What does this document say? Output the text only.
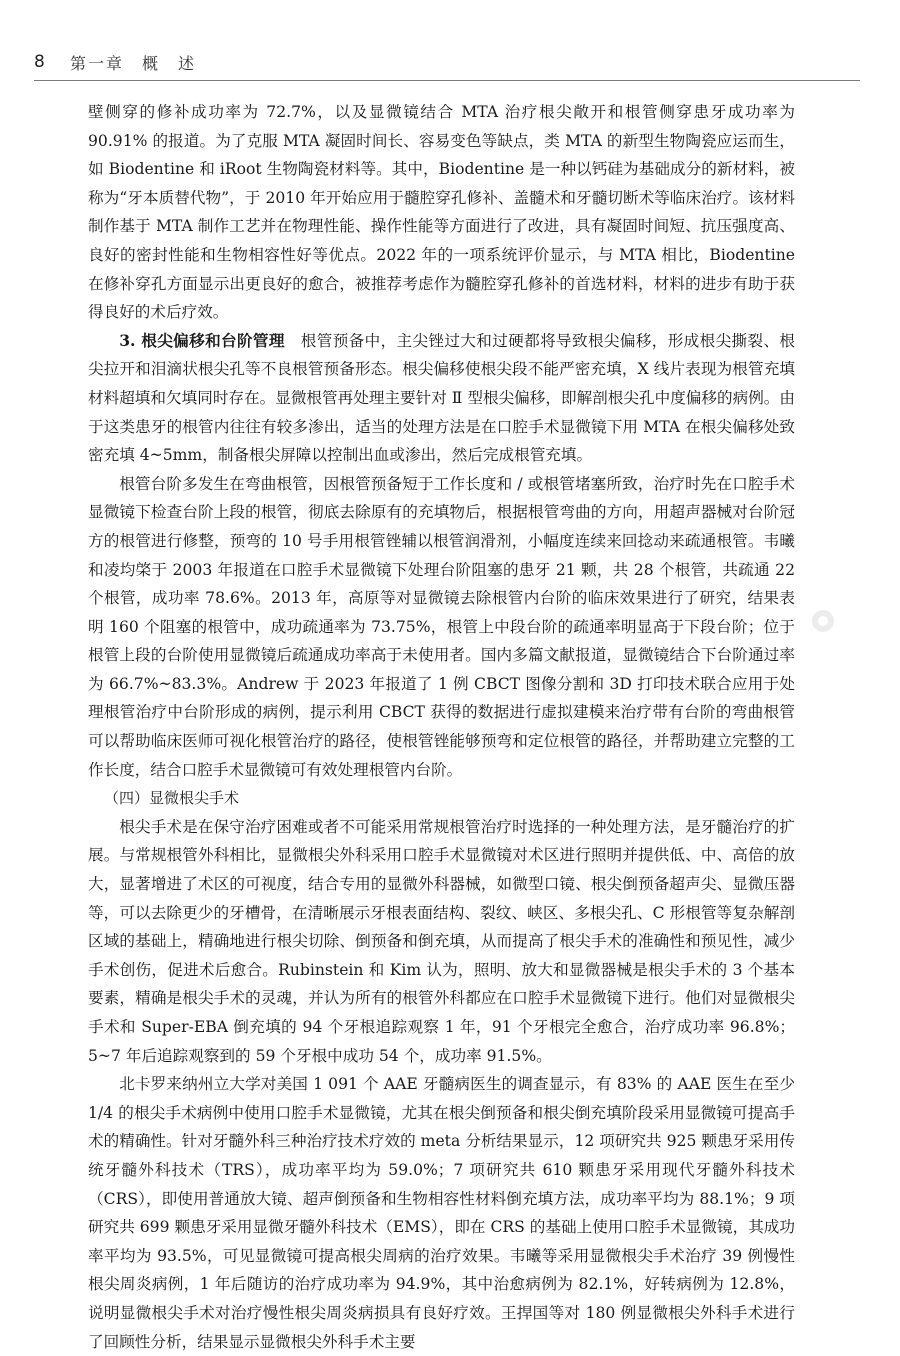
8	第一章　概　述

壁侧穿的修补成功率为 72.7%，以及显微镜结合 MTA 治疗根尖敞开和根管侧穿患牙成功率为 90.91% 的报道。为了克服 MTA 凝固时间长、容易变色等缺点，类 MTA 的新型生物陶瓷应运而生，如 Biodentine 和 iRoot 生物陶瓷材料等。其中，Biodentine 是一种以钙硅为基础成分的新材料，被称为“牙本质替代物”，于 2010 年开始应用于髓腔穿孔修补、盖髓术和牙髓切断术等临床治疗。该材料制作基于 MTA 制作工艺并在物理性能、操作性能等方面进行了改进，具有凝固时间短、抗压强度高、良好的密封性能和生物相容性好等优点。2022 年的一项系统评价显示，与 MTA 相比，Biodentine 在修补穿孔方面显示出更良好的愈合，被推荐考虑作为髓腔穿孔修补的首选材料，材料的进步有助于获得良好的术后疗效。

3. 根尖偏移和台阶管理　根管预备中，主尖锉过大和过硬都将导致根尖偏移，形成根尖撕裂、根尖拉开和泪滴状根尖孔等不良根管预备形态。根尖偏移使根尖段不能严密充填，X 线片表现为根管充填材料超填和欠填同时存在。显微根管再处理主要针对 Ⅱ 型根尖偏移，即解剖根尖孔中度偏移的病例。由于这类患牙的根管内往往有较多渗出，适当的处理方法是在口腔手术显微镜下用 MTA 在根尖偏移处致密充填 4~5mm，制备根尖屏障以控制出血或渗出，然后完成根管充填。

根管台阶多发生在弯曲根管，因根管预备短于工作长度和 / 或根管堵塞所致，治疗时先在口腔手术显微镜下检查台阶上段的根管，彻底去除原有的充填物后，根据根管弯曲的方向，用超声器械对台阶冠方的根管进行修整，预弯的 10 号手用根管锉辅以根管润滑剂，小幅度连续来回捻动来疏通根管。韦曦和凌均棨于 2003 年报道在口腔手术显微镜下处理台阶阻塞的患牙 21 颗，共 28 个根管，共疏通 22 个根管，成功率 78.6%。2013 年，高原等对显微镜去除根管内台阶的临床效果进行了研究，结果表明 160 个阻塞的根管中，成功疏通率为 73.75%，根管上中段台阶的疏通率明显高于下段台阶；位于根管上段的台阶使用显微镜后疏通成功率高于未使用者。国内多篇文献报道，显微镜结合下台阶通过率为 66.7%~83.3%。Andrew 于 2023 年报道了 1 例 CBCT 图像分割和 3D 打印技术联合应用于处理根管治疗中台阶形成的病例，提示利用 CBCT 获得的数据进行虚拟建模来治疗带有台阶的弯曲根管可以帮助临床医师可视化根管治疗的路径，使根管锉能够预弯和定位根管的路径，并帮助建立完整的工作长度，结合口腔手术显微镜可有效处理根管内台阶。

（四）显微根尖手术

根尖手术是在保守治疗困难或者不可能采用常规根管治疗时选择的一种处理方法，是牙髓治疗的扩展。与常规根管外科相比，显微根尖外科采用口腔手术显微镜对术区进行照明并提供低、中、高倍的放大，显著增进了术区的可视度，结合专用的显微外科器械，如微型口镜、根尖倒预备超声尖、显微压器等，可以去除更少的牙槽骨，在清晰展示牙根表面结构、裂纹、峡区、多根尖孔、C 形根管等复杂解剖区域的基础上，精确地进行根尖切除、倒预备和倒充填，从而提高了根尖手术的准确性和预见性，减少手术创伤，促进术后愈合。Rubinstein 和 Kim 认为，照明、放大和显微器械是根尖手术的 3 个基本要素，精确是根尖手术的灵魂，并认为所有的根管外科都应在口腔手术显微镜下进行。他们对显微根尖手术和 Super-EBA 倒充填的 94 个牙根追踪观察 1 年，91 个牙根完全愈合，治疗成功率 96.8%；5~7 年后追踪观察到的 59 个牙根中成功 54 个，成功率 91.5%。

北卡罗来纳州立大学对美国 1 091 个 AAE 牙髓病医生的调查显示，有 83% 的 AAE 医生在至少 1/4 的根尖手术病例中使用口腔手术显微镜，尤其在根尖倒预备和根尖倒充填阶段采用显微镜可提高手术的精确性。针对牙髓外科三种治疗技术疗效的 meta 分析结果显示，12 项研究共 925 颗患牙采用传统牙髓外科技术（TRS），成功率平均为 59.0%；7 项研究共 610 颗患牙采用现代牙髓外科技术（CRS），即使用普通放大镜、超声倒预备和生物相容性材料倒充填方法，成功率平均为 88.1%；9 项研究共 699 颗患牙采用显微牙髓外科技术（EMS），即在 CRS 的基础上使用口腔手术显微镜，其成功率平均为 93.5%，可见显微镜可提高根尖周病的治疗效果。韦曦等采用显微根尖手术治疗 39 例慢性根尖周炎病例，1 年后随访的治疗成功率为 94.9%，其中治愈病例为 82.1%，好转病例为 12.8%，说明显微根尖手术对治疗慢性根尖周炎病损具有良好疗效。王捍国等对 180 例显微根尖外科手术进行了回顾性分析，结果显示显微根尖外科手术主要
